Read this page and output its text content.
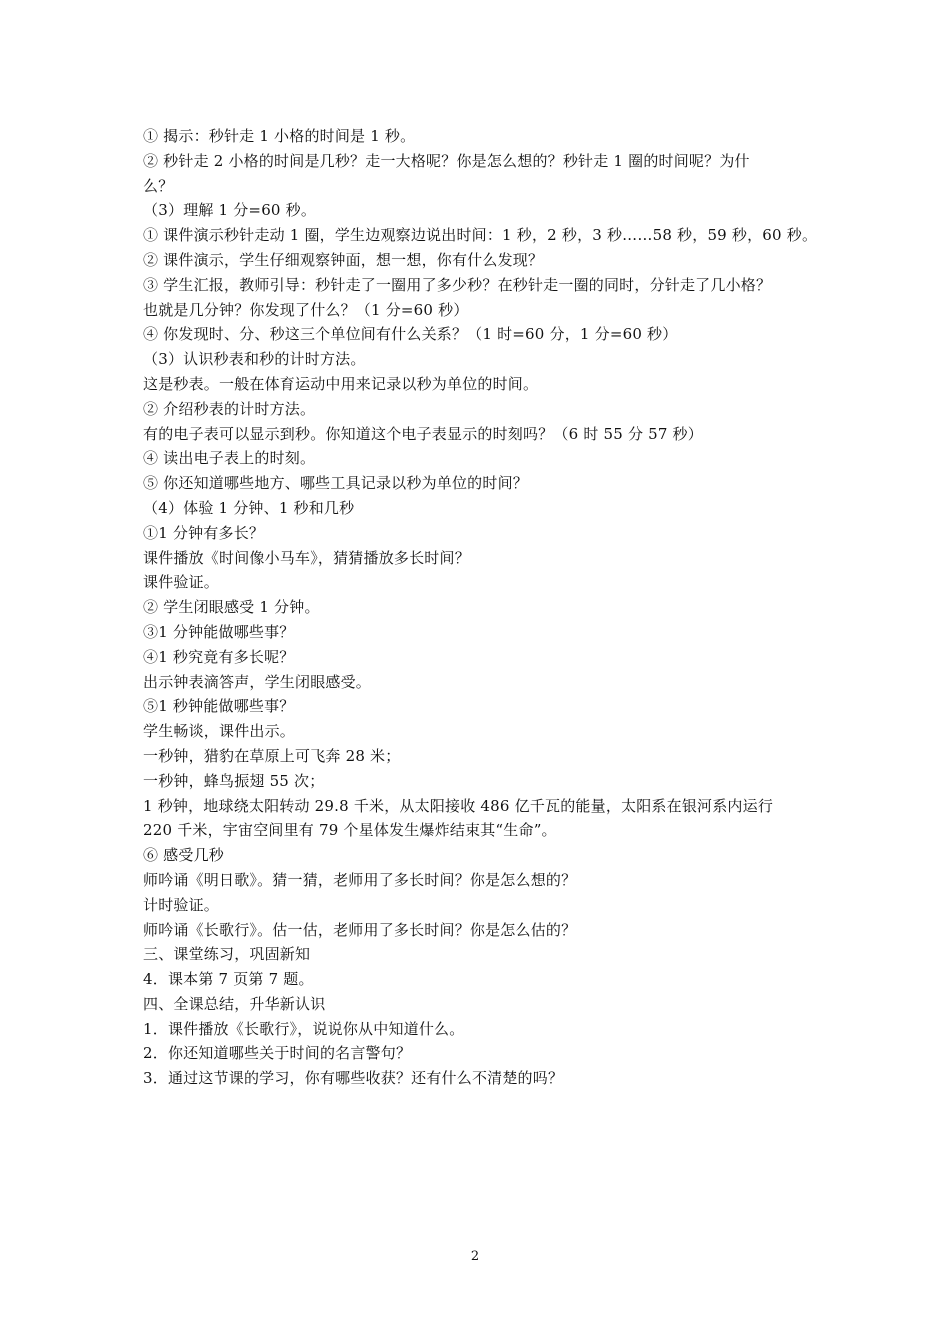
① 揭示：秒针走 1 小格的时间是 1 秒。
② 秒针走 2 小格的时间是几秒？走一大格呢？你是怎么想的？秒针走 1 圈的时间呢？为什
么？
（3）理解 1 分=60 秒。
① 课件演示秒针走动 1 圈，学生边观察边说出时间：1 秒，2 秒，3 秒……58 秒，59 秒，60 秒。
② 课件演示，学生仔细观察钟面，想一想，你有什么发现？
③ 学生汇报，教师引导：秒针走了一圈用了多少秒？在秒针走一圈的同时，分针走了几小格？
也就是几分钟？你发现了什么？（1 分=60 秒）
④ 你发现时、分、秒这三个单位间有什么关系？（1 时=60 分，1 分=60 秒）
（3）认识秒表和秒的计时方法。
这是秒表。一般在体育运动中用来记录以秒为单位的时间。
② 介绍秒表的计时方法。
有的电子表可以显示到秒。你知道这个电子表显示的时刻吗？（6 时 55 分 57 秒）
④ 读出电子表上的时刻。
⑤ 你还知道哪些地方、哪些工具记录以秒为单位的时间？
（4）体验 1 分钟、1 秒和几秒
①1 分钟有多长？
课件播放《时间像小马车》，猜猜播放多长时间？
课件验证。
② 学生闭眼感受 1 分钟。
③1 分钟能做哪些事？
④1 秒究竟有多长呢？
出示钟表滴答声，学生闭眼感受。
⑤1 秒钟能做哪些事？
学生畅谈，课件出示。
一秒钟，猎豹在草原上可飞奔 28 米；
一秒钟，蜂鸟振翅 55 次；
1 秒钟，地球绕太阳转动 29.8 千米，从太阳接收 486 亿千瓦的能量，太阳系在银河系内运行
220 千米，宇宙空间里有 79 个星体发生爆炸结束其“生命”。
⑥ 感受几秒
师吟诵《明日歌》。猜一猜，老师用了多长时间？你是怎么想的？
计时验证。
师吟诵《长歌行》。估一估，老师用了多长时间？你是怎么估的？
三、课堂练习，巩固新知
4．课本第 7 页第 7 题。
四、全课总结，升华新认识
1．课件播放《长歌行》，说说你从中知道什么。
2．你还知道哪些关于时间的名言警句？
3．通过这节课的学习，你有哪些收获？还有什么不清楚的吗？
2
